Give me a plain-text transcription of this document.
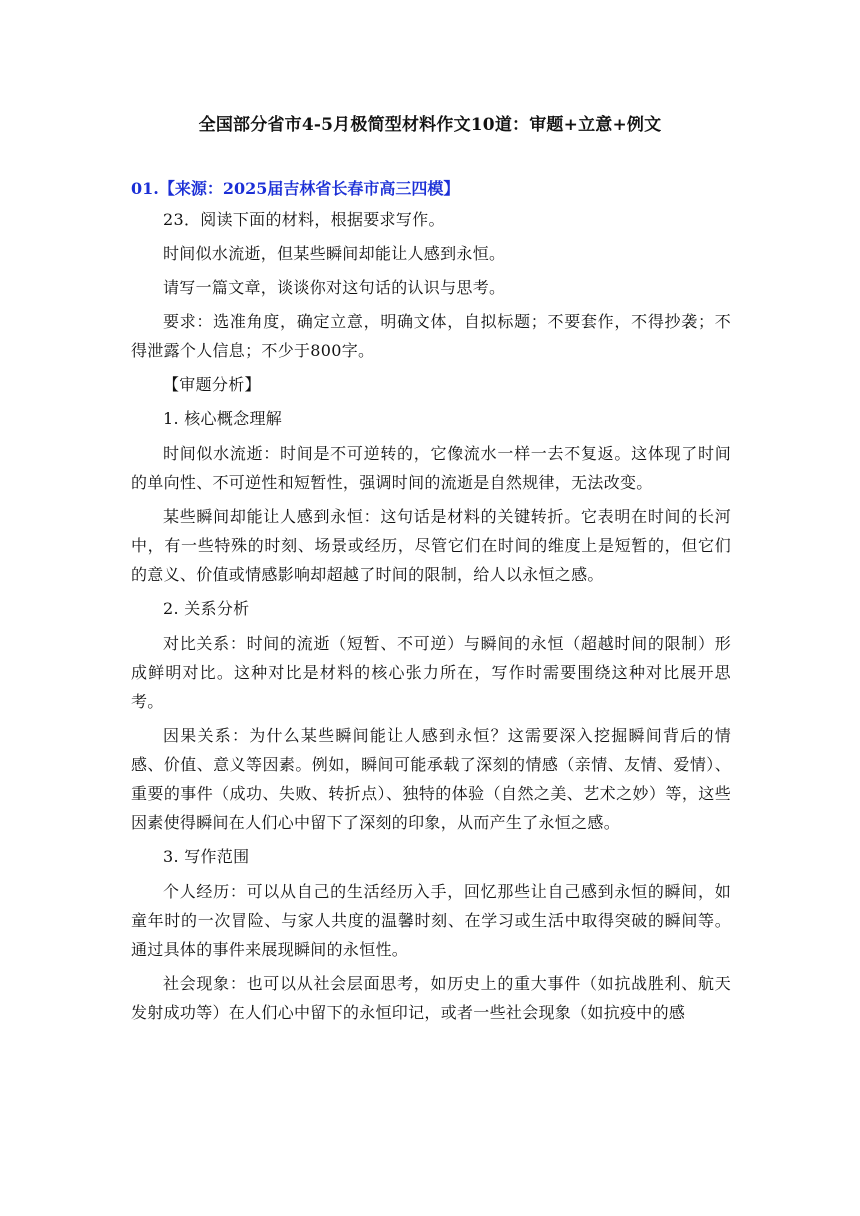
全国部分省市4-5月极简型材料作文10道：审题+立意+例文
01.【来源：2025届吉林省长春市高三四模】

23．阅读下面的材料，根据要求写作。

时间似水流逝，但某些瞬间却能让人感到永恒。

请写一篇文章，谈谈你对这句话的认识与思考。

要求：选准角度，确定立意，明确文体，自拟标题；不要套作，不得抄袭；不得泄露个人信息；不少于800字。

【审题分析】

1. 核心概念理解

时间似水流逝：时间是不可逆转的，它像流水一样一去不复返。这体现了时间的单向性、不可逆性和短暂性，强调时间的流逝是自然规律，无法改变。

某些瞬间却能让人感到永恒：这句话是材料的关键转折。它表明在时间的长河中，有一些特殊的时刻、场景或经历，尽管它们在时间的维度上是短暂的，但它们的意义、价值或情感影响却超越了时间的限制，给人以永恒之感。

2. 关系分析

对比关系：时间的流逝（短暂、不可逆）与瞬间的永恒（超越时间的限制）形成鲜明对比。这种对比是材料的核心张力所在，写作时需要围绕这种对比展开思考。

因果关系：为什么某些瞬间能让人感到永恒？这需要深入挖掘瞬间背后的情感、价值、意义等因素。例如，瞬间可能承载了深刻的情感（亲情、友情、爱情）、重要的事件（成功、失败、转折点）、独特的体验（自然之美、艺术之妙）等，这些因素使得瞬间在人们心中留下了深刻的印象，从而产生了永恒之感。

3. 写作范围

个人经历：可以从自己的生活经历入手，回忆那些让自己感到永恒的瞬间，如童年时的一次冒险、与家人共度的温馨时刻、在学习或生活中取得突破的瞬间等。通过具体的事件来展现瞬间的永恒性。

社会现象：也可以从社会层面思考，如历史上的重大事件（如抗战胜利、航天发射成功等）在人们心中留下的永恒印记，或者一些社会现象（如抗疫中的感
